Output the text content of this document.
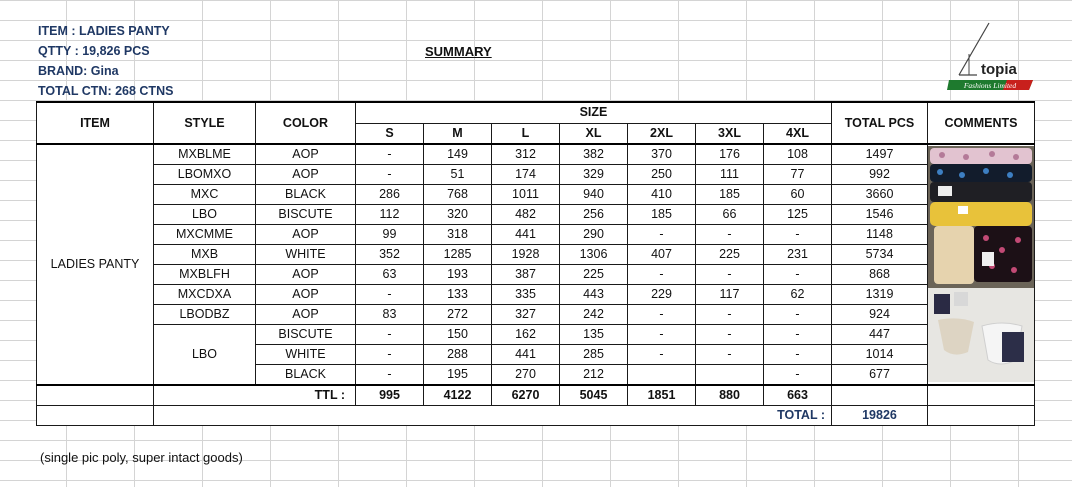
ITEM : LADIES PANTY
QTTY : 19,826 PCS
BRAND: Gina
TOTAL CTN: 268 CTNS
SUMMARY
topia
Fashions Limited
ITEM	STYLE	COLOR	SIZE							TOTAL PCS	COMMENTS
			S	M	L	XL	2XL	3XL	4XL		
LADIES PANTY	MXBLME	AOP	-	149	312	382	370	176	108	1497	
	LBOMXO	AOP	-	51	174	329	250	111	77	992	
	MXC	BLACK	286	768	1011	940	410	185	60	3660	
	LBO	BISCUTE	112	320	482	256	185	66	125	1546	
	MXCMME	AOP	99	318	441	290	-	-	-	1148	
	MXB	WHITE	352	1285	1928	1306	407	225	231	5734	
	MXBLFH	AOP	63	193	387	225	-	-	-	868	
	MXCDXA	AOP	-	133	335	443	229	117	62	1319	
	LBODBZ	AOP	83	272	327	242	-	-	-	924	
	LBO	BISCUTE	-	150	162	135	-	-	-	447	
		WHITE	-	288	441	285	-	-	-	1014	
		BLACK	-	195	270	212			-	677	
	TTL :		995	4122	6270	5045	1851	880	663		
	TOTAL :									19826	
(single pic poly, super intact goods)
